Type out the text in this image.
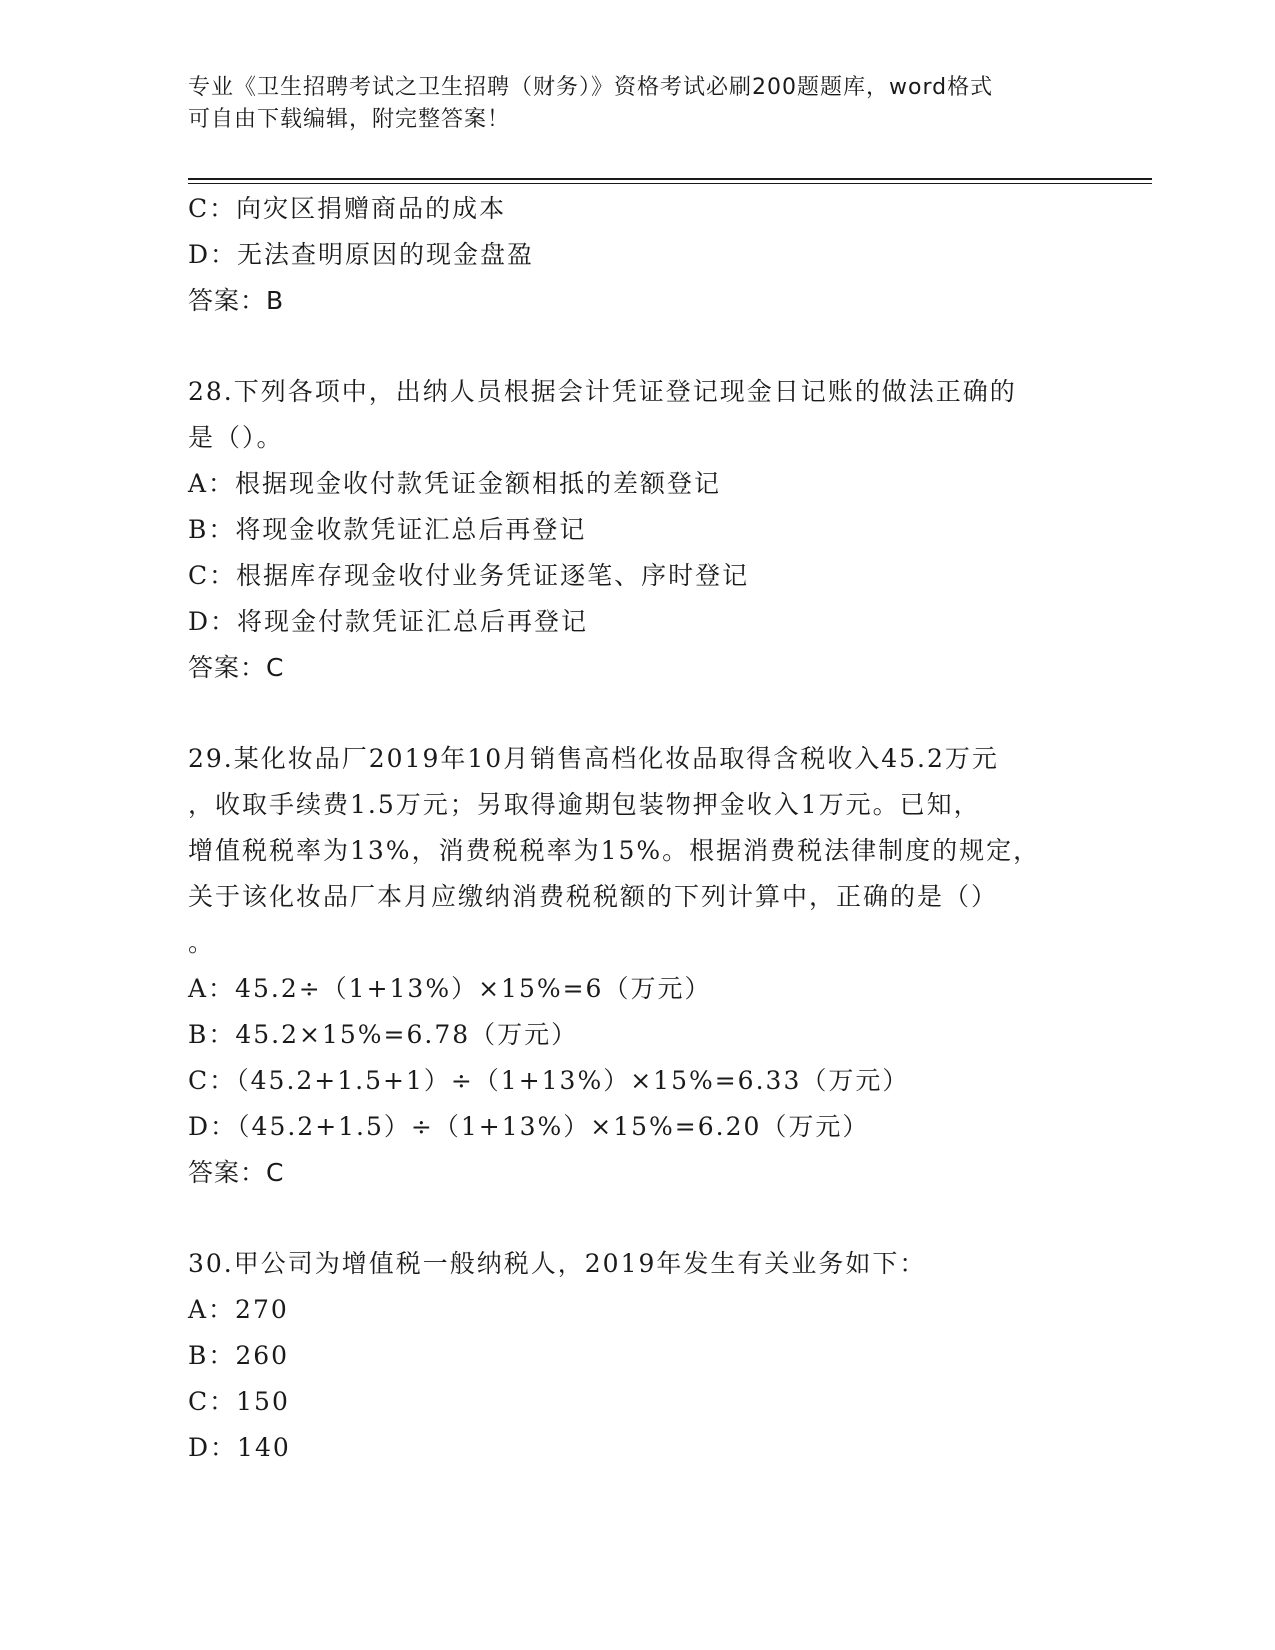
专业《卫生招聘考试之卫生招聘（财务）》资格考试必刷200题题库，word格式
可自由下载编辑，附完整答案！
C：向灾区捐赠商品的成本
D：无法查明原因的现金盘盈
答案：B
28.下列各项中，出纳人员根据会计凭证登记现金日记账的做法正确的
是（）。
A：根据现金收付款凭证金额相抵的差额登记
B：将现金收款凭证汇总后再登记
C：根据库存现金收付业务凭证逐笔、序时登记
D：将现金付款凭证汇总后再登记
答案：C
29.某化妆品厂2019年10月销售高档化妆品取得含税收入45.2万元
，收取手续费1.5万元；另取得逾期包装物押金收入1万元。已知，
增值税税率为13%，消费税税率为15%。根据消费税法律制度的规定，
关于该化妆品厂本月应缴纳消费税税额的下列计算中，正确的是（）
。
A：45.2÷（1+13%）×15%=6（万元）
B：45.2×15%=6.78（万元）
C：（45.2+1.5+1）÷（1+13%）×15%=6.33（万元）
D：（45.2+1.5）÷（1+13%）×15%=6.20（万元）
答案：C
30.甲公司为增值税一般纳税人，2019年发生有关业务如下：
A：270
B：260
C：150
D：140
